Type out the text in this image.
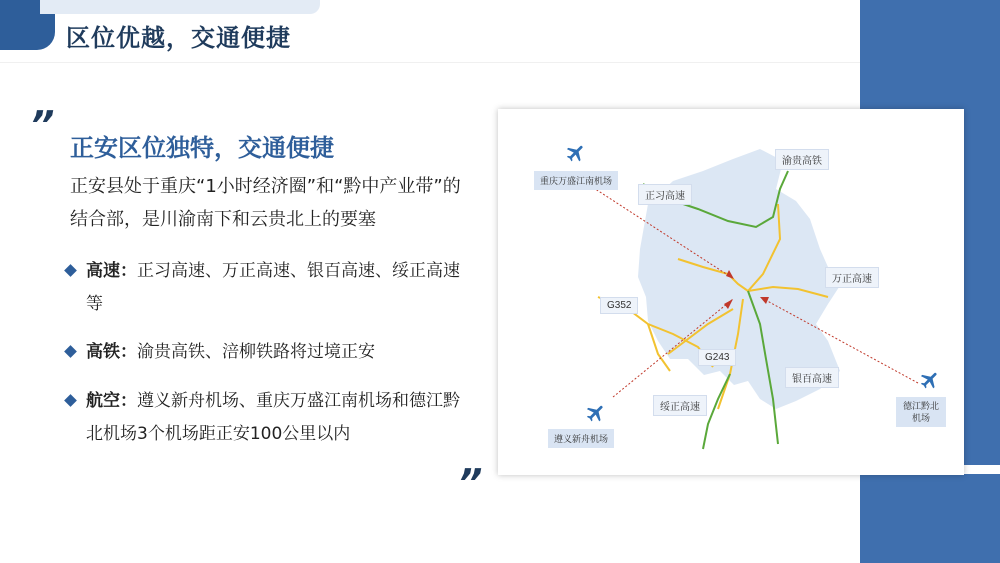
区位优越，交通便捷
”
正安区位独特，交通便捷
正安县处于重庆“1小时经济圈”和“黔中产业带”的结合部，是川渝南下和云贵北上的要塞
高速：正习高速、万正高速、银百高速、绥正高速等
高铁：渝贵高铁、涪柳铁路将过境正安
航空：遵义新舟机场、重庆万盛江南机场和德江黔北机场3个机场距正安100公里以内
”
渝贵高铁
正习高速
万正高速
G352
G243
银百高速
绥正高速
重庆万盛江南机场
遵义新舟机场
德江黔北机场
